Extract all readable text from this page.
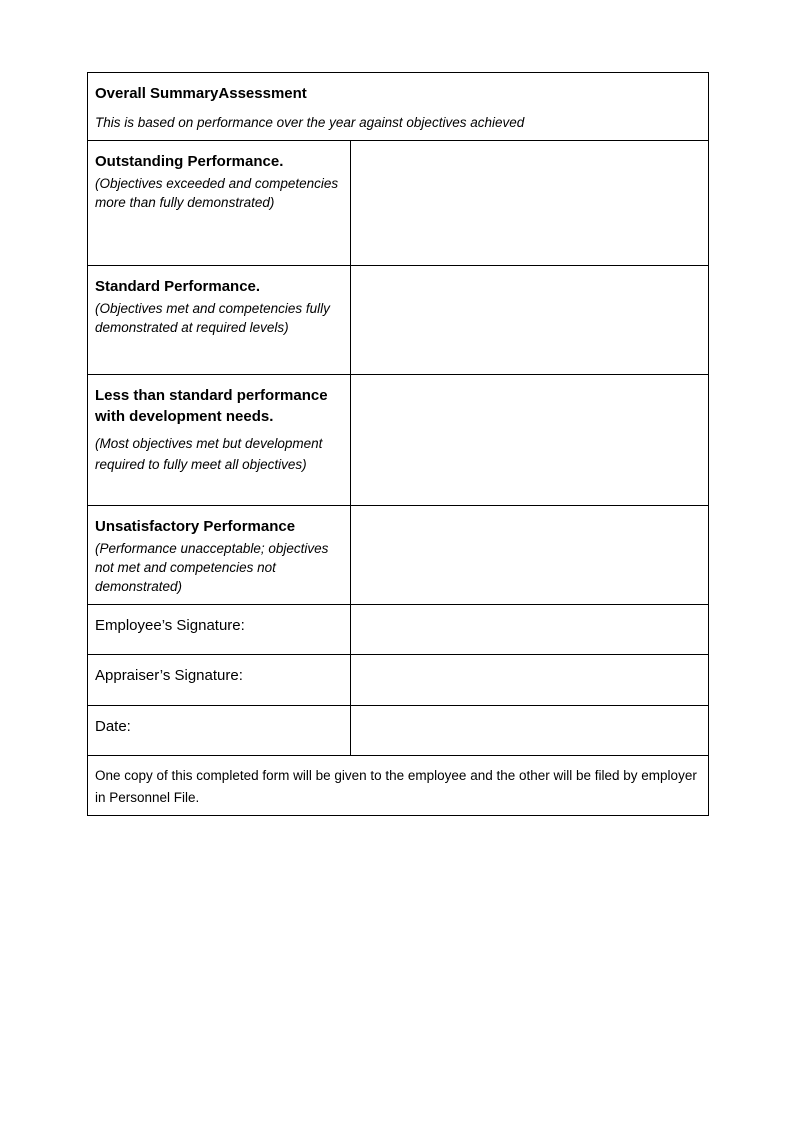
Overall SummaryAssessment
This is based on performance over the year against objectives achieved	

Outstanding Performance.
(Objectives exceeded and competencies more than fully demonstrated)	

Standard Performance.
(Objectives met and competencies fully demonstrated at required levels)	

Less than standard performance with development needs.
(Most objectives met but development required to fully meet all objectives)	

Unsatisfactory Performance
(Performance unacceptable; objectives not met and competencies not demonstrated)	

Employee’s Signature:	

Appraiser’s Signature:	

Date:	

One copy of this completed form will be given to the employee and the other will be filed by employer in Personnel File.	
